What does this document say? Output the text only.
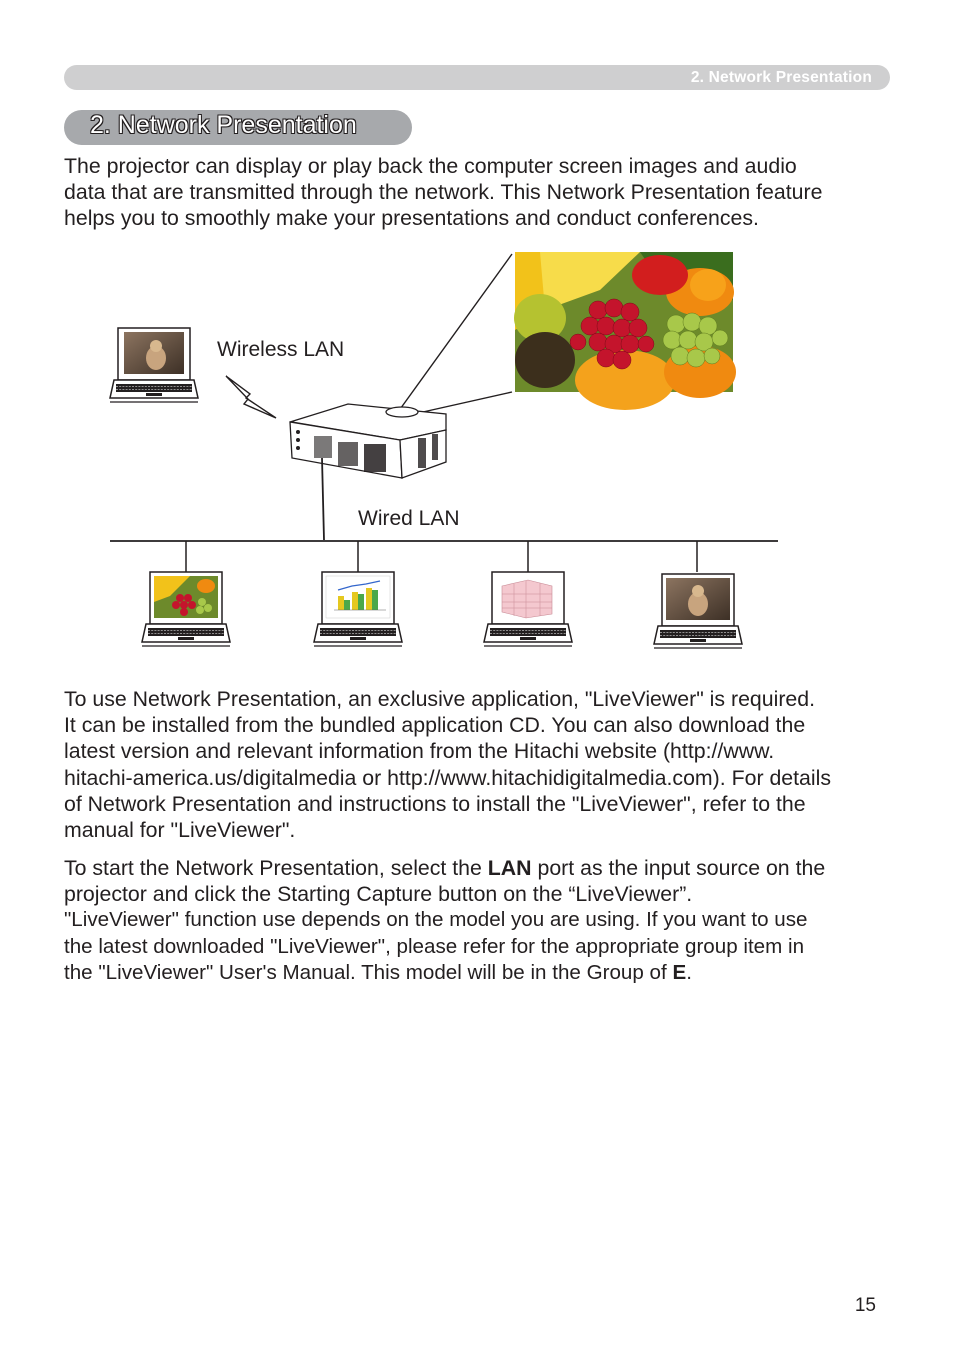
2. Network Presentation
2. Network Presentation

The projector can display or play back the computer screen images and audio
data that are transmitted through the network. This Network Presentation feature
helps you to smoothly make your presentations and conduct conferences.

Wireless LAN
Wired LAN

To use Network Presentation, an exclusive application, "LiveViewer" is required.
It can be installed from the bundled application CD. You can also download the
latest version and relevant information from the Hitachi website (http://www.
hitachi-america.us/digitalmedia or http://www.hitachidigitalmedia.com). For details
of Network Presentation and instructions to install the "LiveViewer", refer to the
manual for "LiveViewer".

To start the Network Presentation, select the LAN port as the input source on the
projector and click the Starting Capture button on the “LiveViewer”.
"LiveViewer" function use depends on the model you are using. If you want to use
the latest downloaded "LiveViewer", please refer for the appropriate group item in
the "LiveViewer" User's Manual. This model will be in the Group of E.

15
